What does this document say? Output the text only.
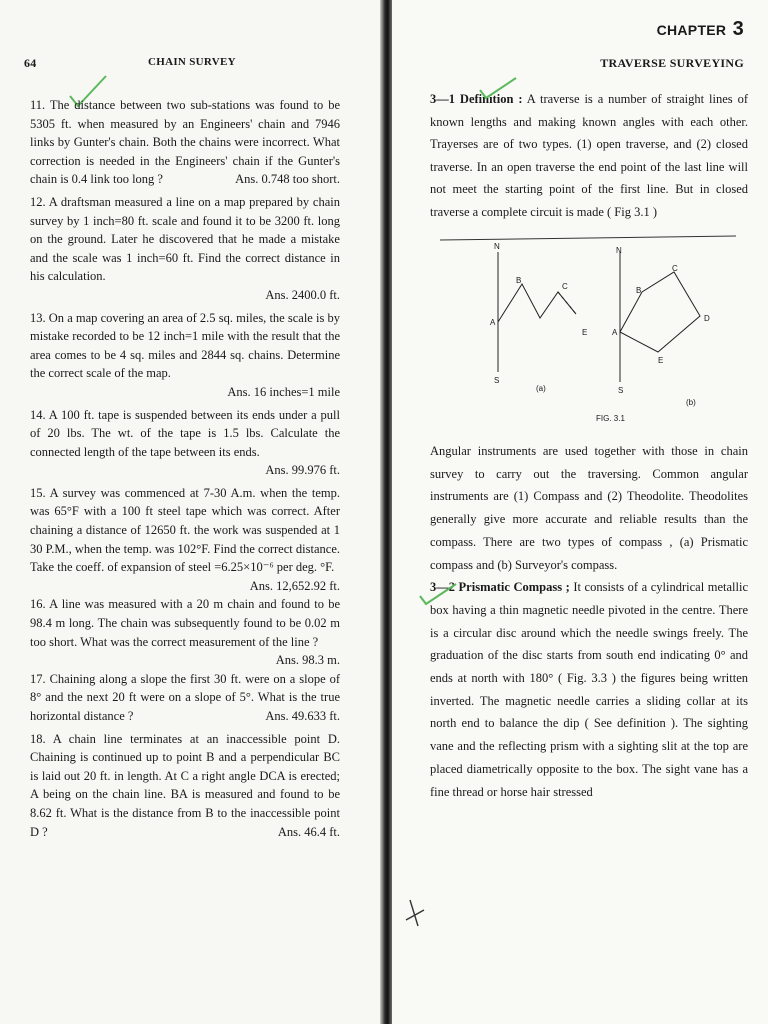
64	CHAIN SURVEY

11. The distance between two sub-stations was found to be 5305 ft. when measured by an Engineers' chain and 7946 links by Gunter's chain. Both the chains were incorrect. What correction is needed in the Engineers' chain if the Gunter's chain is 0.4 link too long ?	Ans. 0.748 too short.

12. A draftsman measured a line on a map prepared by chain survey by 1 inch=80 ft. scale and found it to be 3200 ft. long on the ground. Later he discovered that he made a mistake and the scale was 1 inch=60 ft. Find the correct distance in his calculation.
Ans. 2400.0 ft.

13. On a map covering an area of 2.5 sq. miles, the scale is by mistake recorded to be 12 inch=1 mile with the result that the area comes to be 4 sq. miles and 2844 sq. chains. Determine the correct scale of the map.
Ans. 16 inches=1 mile

14. A 100 ft. tape is suspended between its ends under a pull of 20 lbs. The wt. of the tape is 1.5 lbs. Calculate the connected length of the tape between its ends.
Ans. 99.976 ft.

15. A survey was commenced at 7-30 A.m. when the temp. was 65°F with a 100 ft steel tape which was correct. After chaining a distance of 12650 ft. the work was suspended at 1 30 P.M., when the temp. was 102°F. Find the correct distance. Take the coeff. of expansion of steel =6.25×10⁻⁶ per deg. °F.
Ans. 12,652.92 ft.

16. A line was measured with a 20 m chain and found to be 98.4 m long. The chain was subsequently found to be 0.02 m too short. What was the correct measurement of the line ?
Ans. 98.3 m.

17. Chaining along a slope the first 30 ft. were on a slope of 8° and the next 20 ft were on a slope of 5°. What is the true horizontal distance ?	Ans. 49.633 ft.

18. A chain line terminates at an inaccessible point D. Chaining is continued up to point B and a perpendicular BC is laid out 20 ft. in length. At C a right angle DCA is erected; A being on the chain line. BA is measured and found to be 8.62 ft. What is the distance from B to the inaccessible point D ?	Ans. 46.4 ft.

CHAPTER 3
TRAVERSE SURVEYING

3—1 Definition : A traverse is a number of straight lines of known lengths and making known angles with each other. Trayerses are of two types. (1) open traverse, and (2) closed traverse. In an open traverse the end point of the last line will not meet the starting point of the first line. But in closed traverse a complete circuit is made ( Fig 3.1 )

N
B
A
S
C
E
(a)
N
C
B
A
S
D
E
(b)
FIG. 3.1

Angular instruments are used together with those in chain survey to carry out the traversing. Common angular instruments are (1) Compass and (2) Theodolite. Theodolites generally give more accurate and reliable results than the compass. There are two types of compass , (a) Prismatic compass and (b) Surveyor's compass.

3—2 Prismatic Compass ; It consists of a cylindrical metallic box having a thin magnetic needle pivoted in the centre. There is a circular disc around which the needle swings freely. The graduation of the disc starts from south end indicating 0° and ends at north with 180° ( Fig. 3.3 ) the figures being written inverted. The magnetic needle carries a sliding collar at its north end to balance the dip ( See definition ). The sighting vane and the reflecting prism with a sighting slit at the top are placed diametrically opposite to the box. The sight vane has a fine thread or horse hair stressed
